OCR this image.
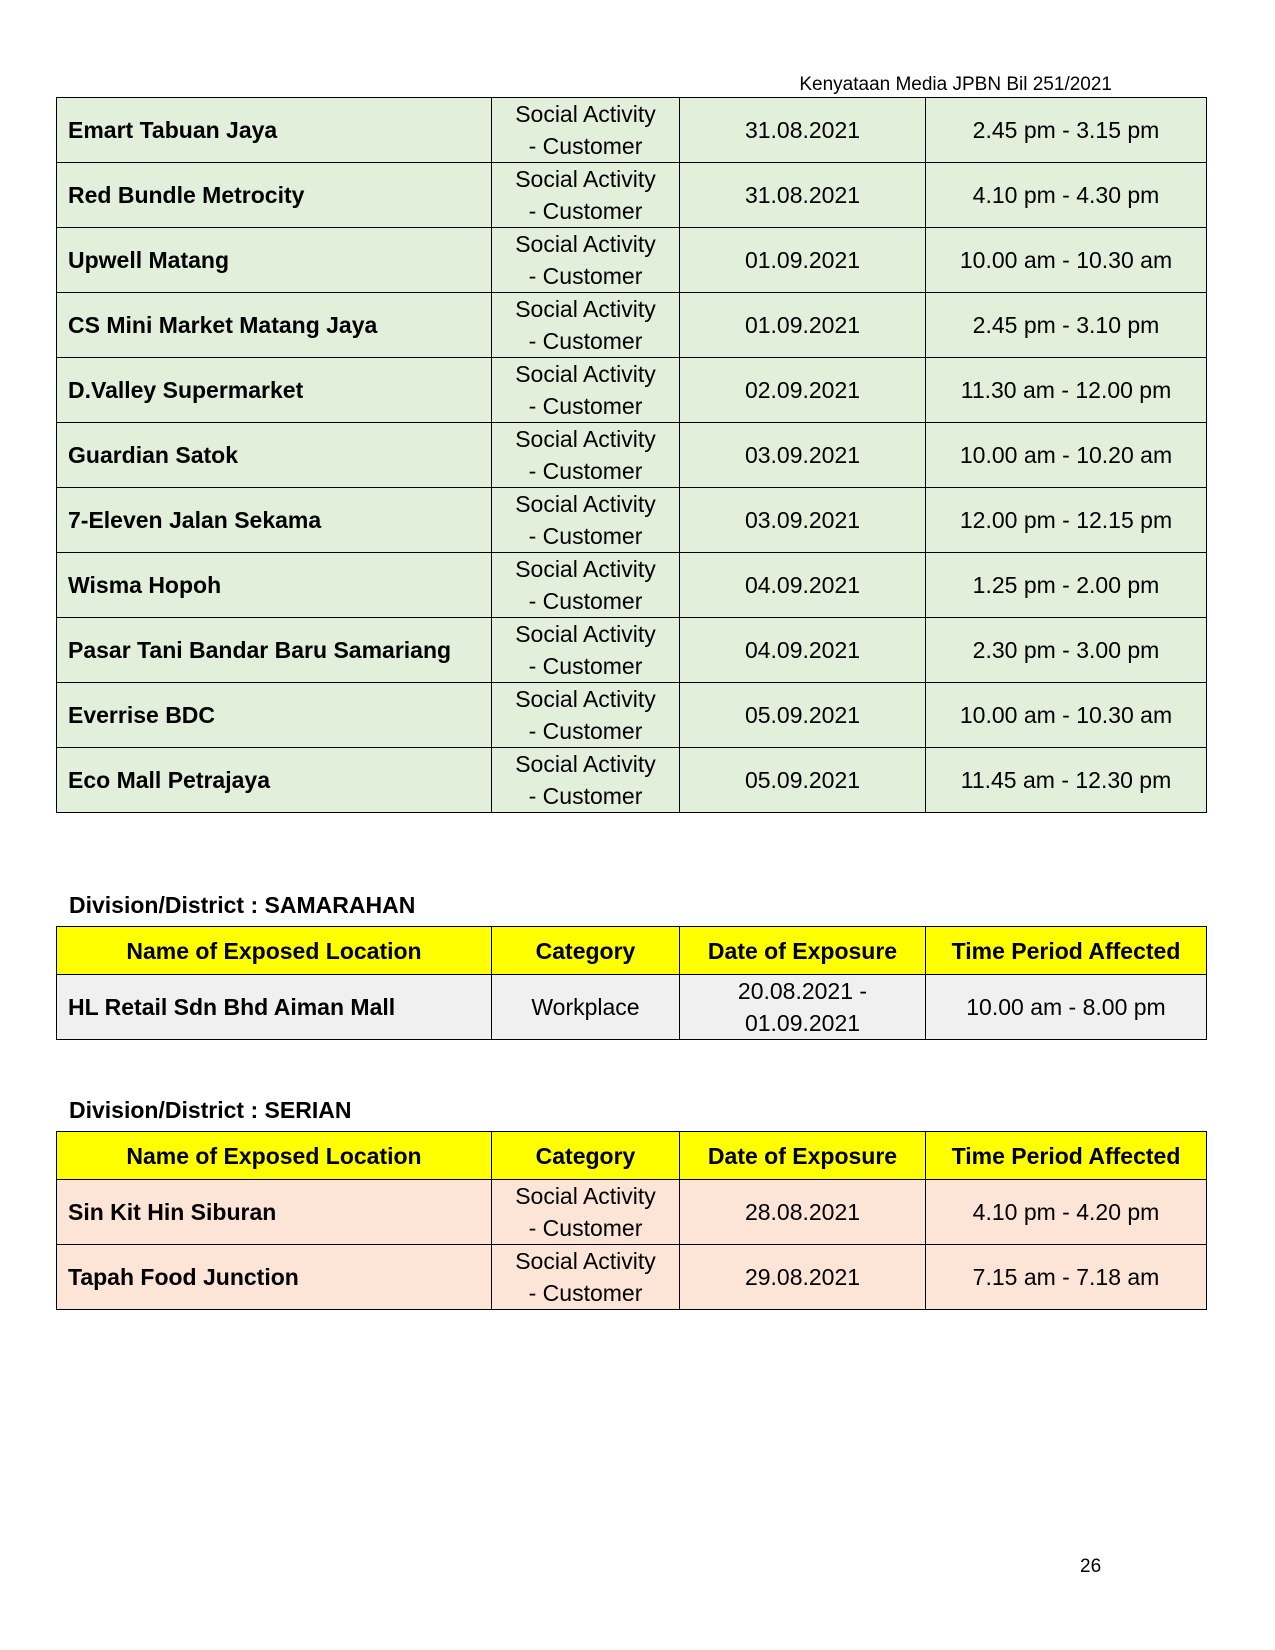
Kenyataan Media JPBN Bil 251/2021
Emart Tabuan Jaya	Social Activity
- Customer	31.08.2021	2.45 pm - 3.15 pm
Red Bundle Metrocity	Social Activity
- Customer	31.08.2021	4.10 pm - 4.30 pm
Upwell Matang	Social Activity
- Customer	01.09.2021	10.00 am - 10.30 am
CS Mini Market Matang Jaya	Social Activity
- Customer	01.09.2021	2.45 pm - 3.10 pm
D.Valley Supermarket	Social Activity
- Customer	02.09.2021	11.30 am - 12.00 pm
Guardian Satok	Social Activity
- Customer	03.09.2021	10.00 am - 10.20 am
7-Eleven Jalan Sekama	Social Activity
- Customer	03.09.2021	12.00 pm - 12.15 pm
Wisma Hopoh	Social Activity
- Customer	04.09.2021	1.25 pm - 2.00 pm
Pasar Tani Bandar Baru Samariang	Social Activity
- Customer	04.09.2021	2.30 pm - 3.00 pm
Everrise BDC	Social Activity
- Customer	05.09.2021	10.00 am - 10.30 am
Eco Mall Petrajaya	Social Activity
- Customer	05.09.2021	11.45 am - 12.30 pm
Division/District : SAMARAHAN
Name of Exposed Location	Category	Date of Exposure	Time Period Affected
HL Retail Sdn Bhd Aiman Mall	Workplace	20.08.2021 -
01.09.2021	10.00 am - 8.00 pm
Division/District : SERIAN
Name of Exposed Location	Category	Date of Exposure	Time Period Affected
Sin Kit Hin Siburan	Social Activity
- Customer	28.08.2021	4.10 pm - 4.20 pm
Tapah Food Junction	Social Activity
- Customer	29.08.2021	7.15 am - 7.18 am
26
